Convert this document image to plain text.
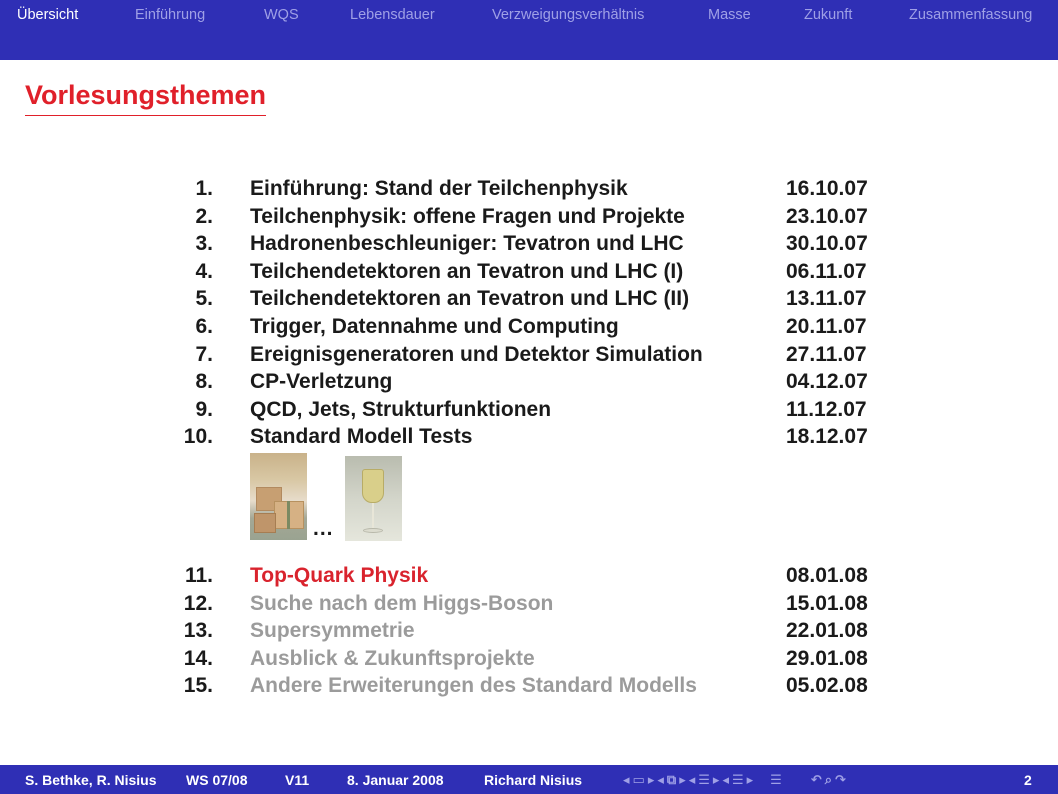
Übersicht	Einführung	WQS	Lebensdauer	Verzweigungsverhältnis	Masse	Zukunft	Zusammenfassung
Vorlesungsthemen
1. Einführung: Stand der Teilchenphysik	16.10.07
2. Teilchenphysik: offene Fragen und Projekte	23.10.07
3. Hadronenbeschleuniger: Tevatron und LHC	30.10.07
4. Teilchendetektoren an Tevatron und LHC (I)	06.11.07
5. Teilchendetektoren an Tevatron und LHC (II)	13.11.07
6. Trigger, Datennahme und Computing	20.11.07
7. Ereignisgeneratoren und Detektor Simulation	27.11.07
8. CP-Verletzung	04.12.07
9. QCD, Jets, Strukturfunktionen	11.12.07
10. Standard Modell Tests	18.12.07
11. Top-Quark Physik	08.01.08
12. Suche nach dem Higgs-Boson	15.01.08
13. Supersymmetrie	22.01.08
14. Ausblick & Zukunftsprojekte	29.01.08
15. Andere Erweiterungen des Standard Modells	05.02.08
...
S. Bethke, R. Nisius WS 07/08	V11	8. Januar 2008	Richard Nisius	◂ ▭ ▸ ◂ ⧉ ▸ ◂ ☰ ▸ ◂ ☰ ▸ ☰ ↶ ⌕ ↷	2
